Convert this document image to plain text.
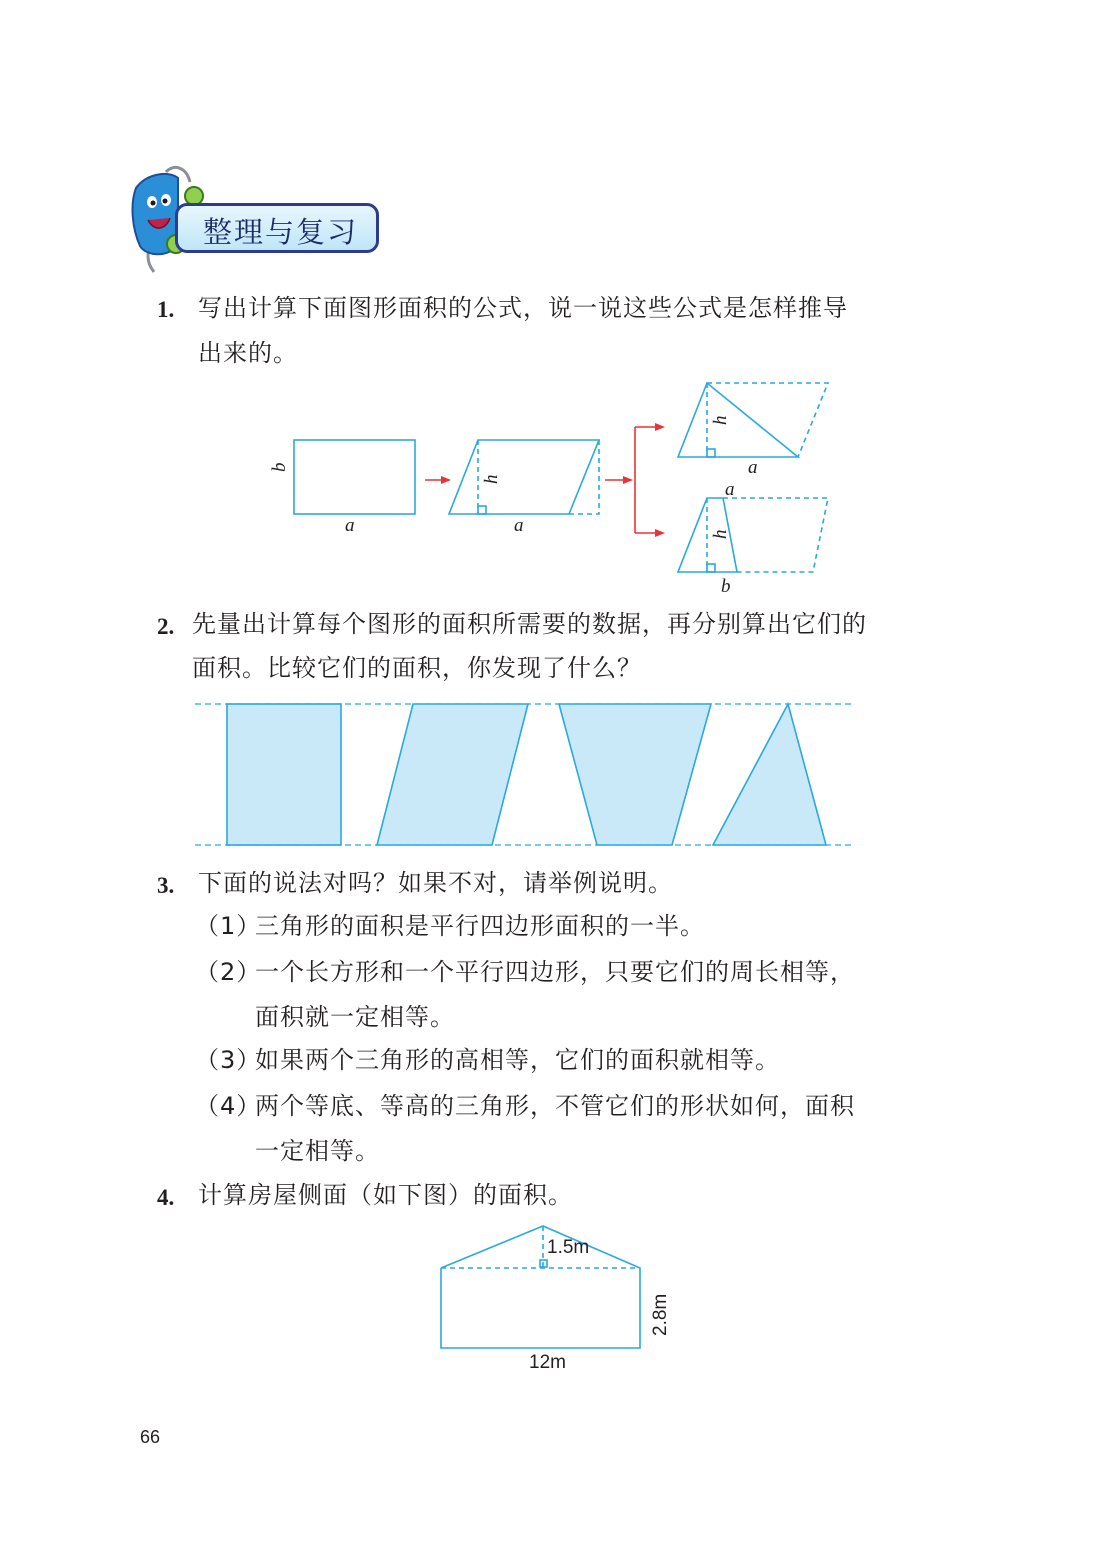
整理与复习
1. 写出计算下面图形面积的公式，说一说这些公式是怎样推导
出来的。
b
a
h
a
h
a
a
h
b
2. 先量出计算每个图形的面积所需要的数据，再分别算出它们的
面积。比较它们的面积，你发现了什么？
3. 下面的说法对吗？如果不对，请举例说明。
（1）
三角形的面积是平行四边形面积的一半。
（2）
一个长方形和一个平行四边形，只要它们的周长相等，
面积就一定相等。
（3）
如果两个三角形的高相等，它们的面积就相等。
（4）
两个等底、等高的三角形，不管它们的形状如何，面积
一定相等。
4. 计算房屋侧面（如下图）的面积。
1.5m
2.8m
12m
66
